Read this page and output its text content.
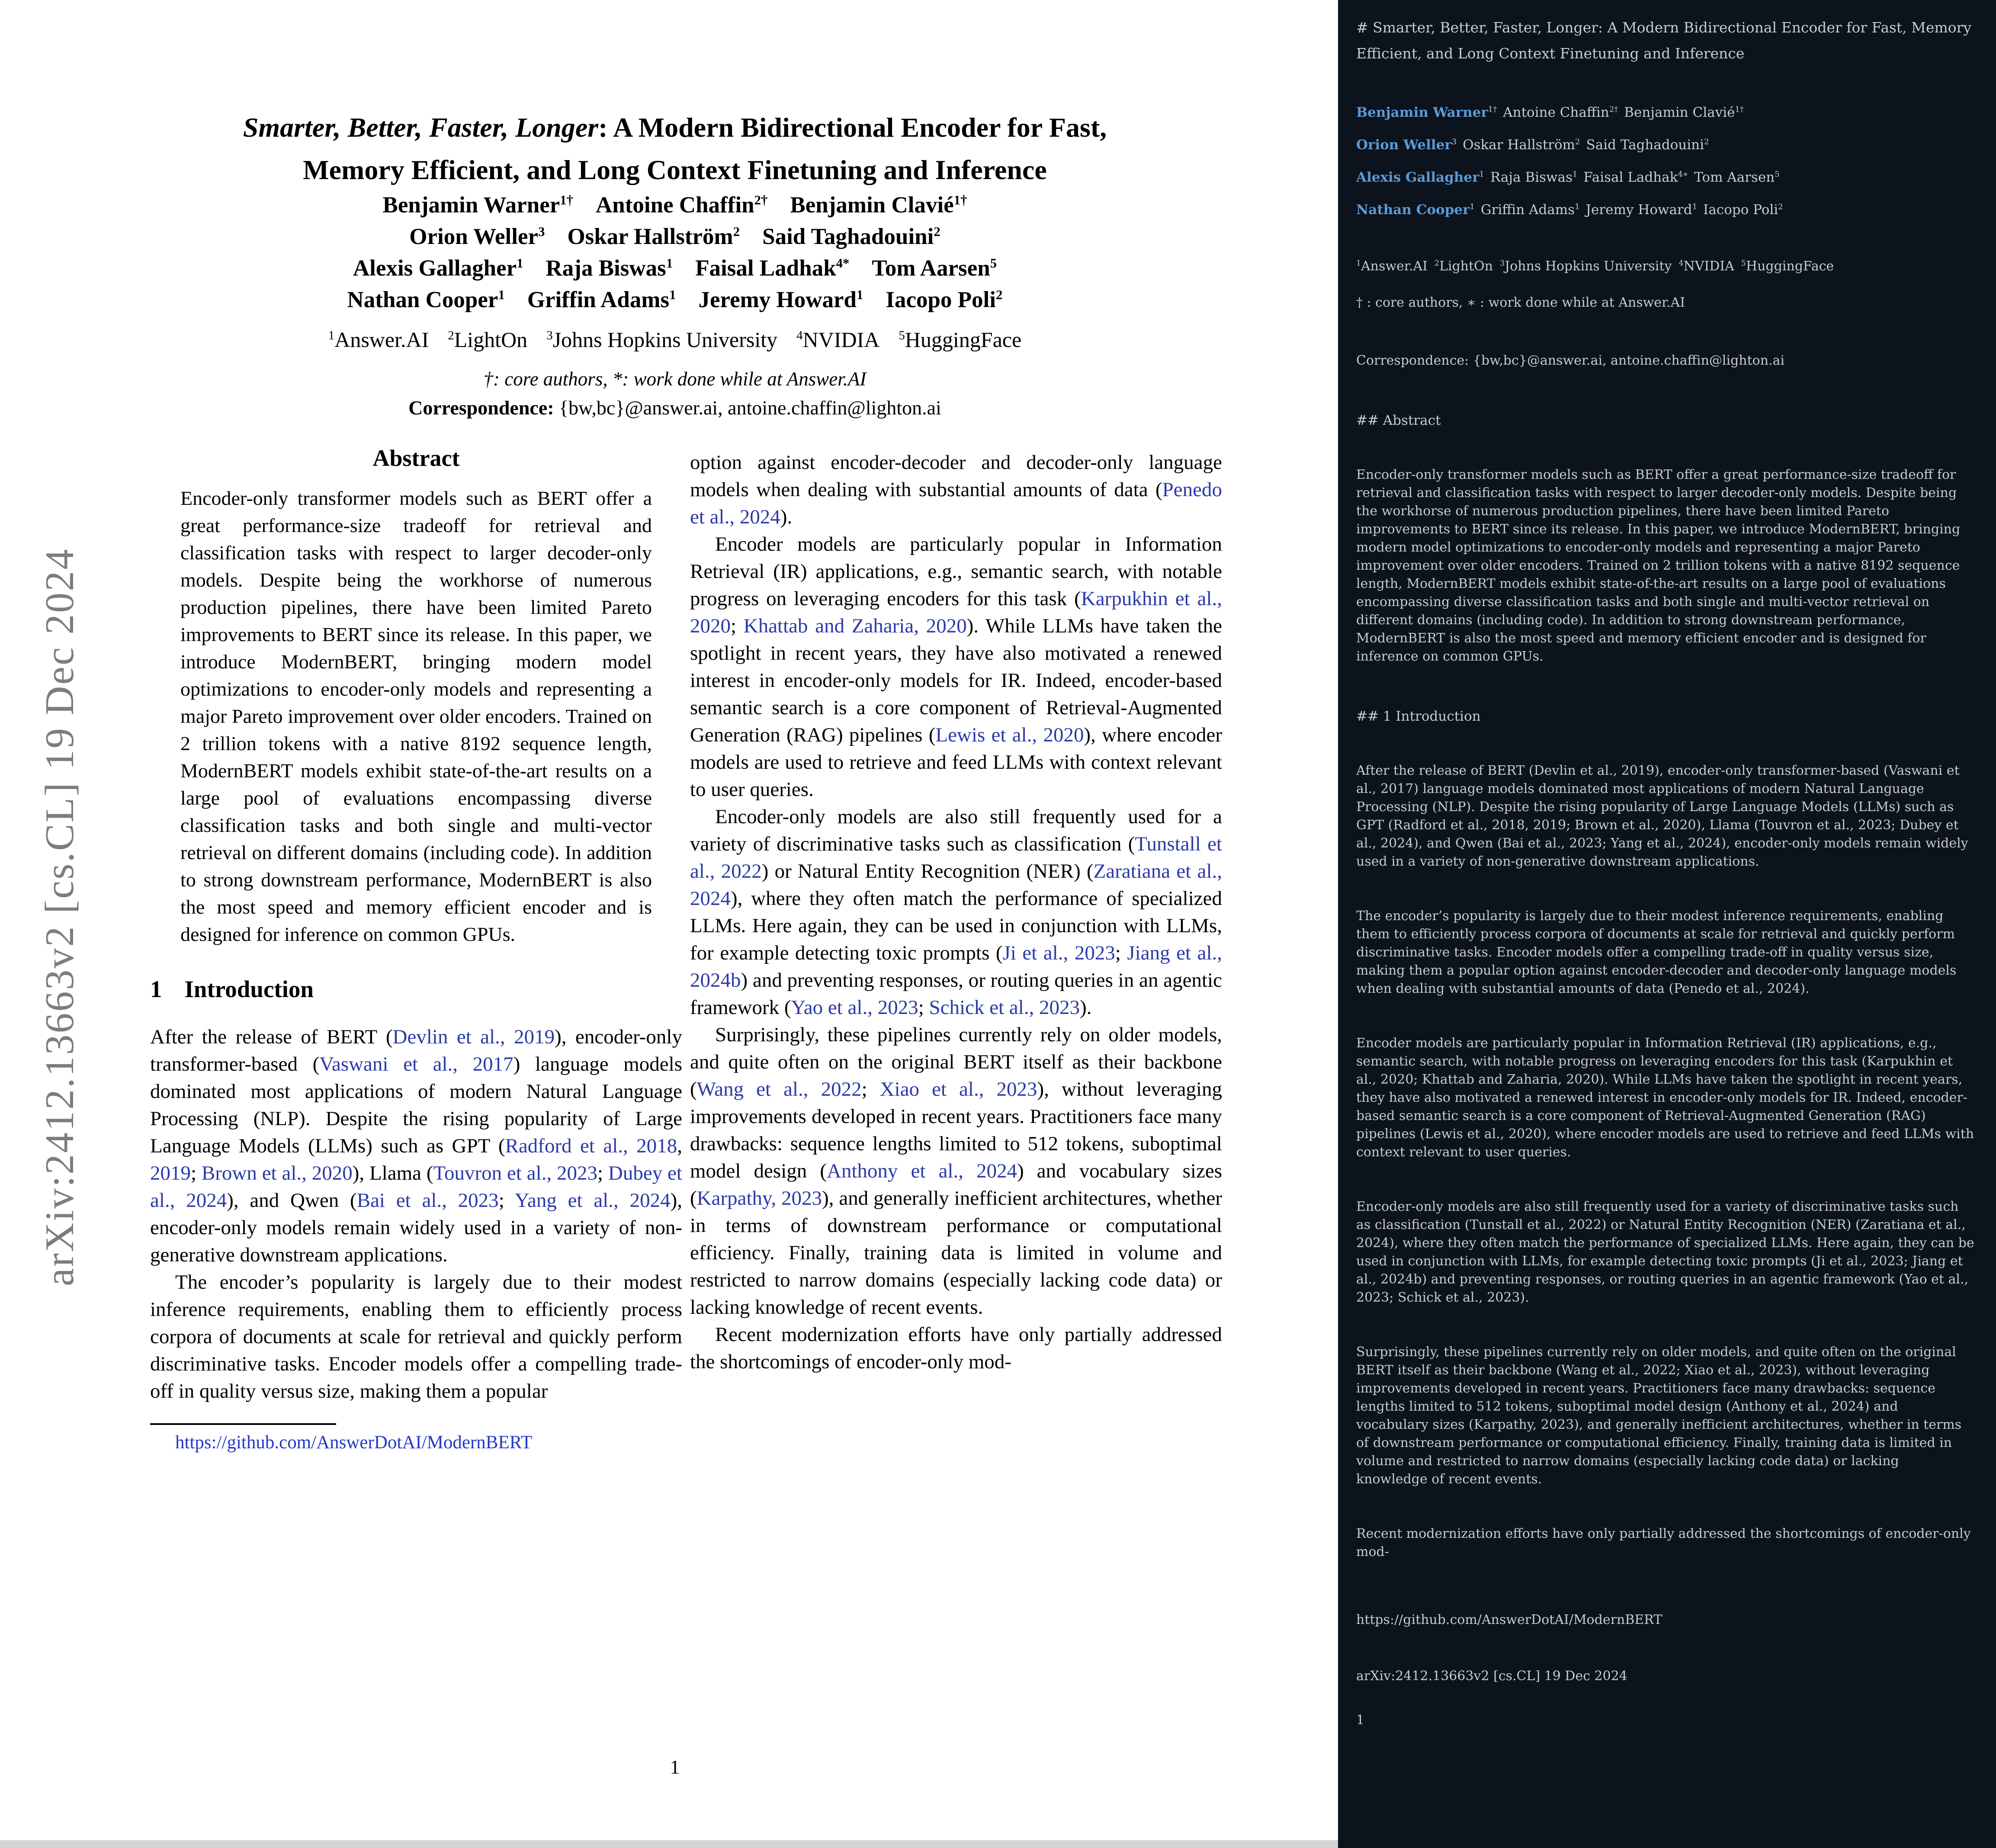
arXiv:2412.13663v2 [cs.CL] 19 Dec 2024
Smarter, Better, Faster, Longer: A Modern Bidirectional Encoder for Fast,
Memory Efficient, and Long Context Finetuning and Inference
Benjamin Warner$^{1\dagger}$ Antoine Chaffin$^{2\dagger}$ Benjamin Clavié$^{1\dagger}$
Orion Weller$^3$ Oskar Hallström$^2$ Said Taghadouini$^2$
Alexis Gallagher$^1$ Raja Biswas$^1$ Faisal Ladhak$^{4*}$ Tom Aarsen$^5$
Nathan Cooper$^1$ Griffin Adams$^1$ Jeremy Howard$^1$ Iacopo Poli$^2$
$^1$Answer.AI $^2$LightOn $^3$Johns Hopkins University $^4$NVIDIA $^5$HuggingFace
†: core authors, *: work done while at Answer.AI
Correspondence: {bw,bc}@answer.ai, antoine.chaffin@lighton.ai
Abstract
Encoder-only transformer models such as BERT offer a great performance-size tradeoff for retrieval and classification tasks with respect to larger decoder-only models. Despite being the workhorse of numerous production pipelines, there have been limited Pareto improvements to BERT since its release. In this paper, we introduce ModernBERT, bringing modern model optimizations to encoder-only models and representing a major Pareto improvement over older encoders. Trained on 2 trillion tokens with a native 8192 sequence length, ModernBERT models exhibit state-of-the-art results on a large pool of evaluations encompassing diverse classification tasks and both single and multi-vector retrieval on different domains (including code). In addition to strong downstream performance, ModernBERT is also the most speed and memory efficient encoder and is designed for inference on common GPUs.
1 Introduction

After the release of BERT (Devlin et al., 2019), encoder-only transformer-based (Vaswani et al., 2017) language models dominated most applications of modern Natural Language Processing (NLP). Despite the rising popularity of Large Language Models (LLMs) such as GPT (Radford et al., 2018, 2019; Brown et al., 2020), Llama (Touvron et al., 2023; Dubey et al., 2024), and Qwen (Bai et al., 2023; Yang et al., 2024), encoder-only models remain widely used in a variety of non-generative downstream applications.

The encoder’s popularity is largely due to their modest inference requirements, enabling them to efficiently process corpora of documents at scale for retrieval and quickly perform discriminative tasks. Encoder models offer a compelling trade-off in quality versus size, making them a popular

https://github.com/AnswerDotAI/ModernBERT

option against encoder-decoder and decoder-only language models when dealing with substantial amounts of data (Penedo et al., 2024).

Encoder models are particularly popular in Information Retrieval (IR) applications, e.g., semantic search, with notable progress on leveraging encoders for this task (Karpukhin et al., 2020; Khattab and Zaharia, 2020). While LLMs have taken the spotlight in recent years, they have also motivated a renewed interest in encoder-only models for IR. Indeed, encoder-based semantic search is a core component of Retrieval-Augmented Generation (RAG) pipelines (Lewis et al., 2020), where encoder models are used to retrieve and feed LLMs with context relevant to user queries.

Encoder-only models are also still frequently used for a variety of discriminative tasks such as classification (Tunstall et al., 2022) or Natural Entity Recognition (NER) (Zaratiana et al., 2024), where they often match the performance of specialized LLMs. Here again, they can be used in conjunction with LLMs, for example detecting toxic prompts (Ji et al., 2023; Jiang et al., 2024b) and preventing responses, or routing queries in an agentic framework (Yao et al., 2023; Schick et al., 2023).

Surprisingly, these pipelines currently rely on older models, and quite often on the original BERT itself as their backbone (Wang et al., 2022; Xiao et al., 2023), without leveraging improvements developed in recent years. Practitioners face many drawbacks: sequence lengths limited to 512 tokens, suboptimal model design (Anthony et al., 2024) and vocabulary sizes (Karpathy, 2023), and generally inefficient architectures, whether in terms of downstream performance or computational efficiency. Finally, training data is limited in volume and restricted to narrow domains (especially lacking code data) or lacking knowledge of recent events.

Recent modernization efforts have only partially addressed the shortcomings of encoder-only mod-

1
# Smarter, Better, Faster, Longer: A Modern Bidirectional Encoder for Fast, Memory Efficient, and Long Context Finetuning and Inference
Benjamin Warner$^{1\dagger}$ Antoine Chaffin$^{2\dagger}$ Benjamin Clavié$^{1\dagger}$
Orion Weller$^3$ Oskar Hallström$^2$ Said Taghadouini$^2$
Alexis Gallagher$^1$ Raja Biswas$^1$ Faisal Ladhak$^{4∗}$ Tom Aarsen$^5$
Nathan Cooper$^1$ Griffin Adams$^1$ Jeremy Howard$^1$ Iacopo Poli$^2$
$^1$Answer.AI $^2$LightOn $^3$Johns Hopkins University $^4$NVIDIA $^5$HuggingFace
† : core authors, ∗ : work done while at Answer.AI
Correspondence: {bw,bc}@answer.ai, antoine.chaffin@lighton.ai
## Abstract
Encoder-only transformer models such as BERT offer a great performance-size tradeoff for retrieval and classification tasks with respect to larger decoder-only models. Despite being the workhorse of numerous production pipelines, there have been limited Pareto improvements to BERT since its release. In this paper, we introduce ModernBERT, bringing modern model optimizations to encoder-only models and representing a major Pareto improvement over older encoders. Trained on 2 trillion tokens with a native 8192 sequence length, ModernBERT models exhibit state-of-the-art results on a large pool of evaluations encompassing diverse classification tasks and both single and multi-vector retrieval on different domains (including code). In addition to strong downstream performance, ModernBERT is also the most speed and memory efficient encoder and is designed for inference on common GPUs.
## 1 Introduction
After the release of BERT (Devlin et al., 2019), encoder-only transformer-based (Vaswani et al., 2017) language models dominated most applications of modern Natural Language Processing (NLP). Despite the rising popularity of Large Language Models (LLMs) such as GPT (Radford et al., 2018, 2019; Brown et al., 2020), Llama (Touvron et al., 2023; Dubey et al., 2024), and Qwen (Bai et al., 2023; Yang et al., 2024), encoder-only models remain widely used in a variety of non-generative downstream applications.
The encoder’s popularity is largely due to their modest inference requirements, enabling them to efficiently process corpora of documents at scale for retrieval and quickly perform discriminative tasks. Encoder models offer a compelling trade-off in quality versus size, making them a popular option against encoder-decoder and decoder-only language models when dealing with substantial amounts of data (Penedo et al., 2024).
Encoder models are particularly popular in Information Retrieval (IR) applications, e.g., semantic search, with notable progress on leveraging encoders for this task (Karpukhin et al., 2020; Khattab and Zaharia, 2020). While LLMs have taken the spotlight in recent years, they have also motivated a renewed interest in encoder-only models for IR. Indeed, encoder-based semantic search is a core component of Retrieval-Augmented Generation (RAG) pipelines (Lewis et al., 2020), where encoder models are used to retrieve and feed LLMs with context relevant to user queries.
Encoder-only models are also still frequently used for a variety of discriminative tasks such as classification (Tunstall et al., 2022) or Natural Entity Recognition (NER) (Zaratiana et al., 2024), where they often match the performance of specialized LLMs. Here again, they can be used in conjunction with LLMs, for example detecting toxic prompts (Ji et al., 2023; Jiang et al., 2024b) and preventing responses, or routing queries in an agentic framework (Yao et al., 2023; Schick et al., 2023).
Surprisingly, these pipelines currently rely on older models, and quite often on the original BERT itself as their backbone (Wang et al., 2022; Xiao et al., 2023), without leveraging improvements developed in recent years. Practitioners face many drawbacks: sequence lengths limited to 512 tokens, suboptimal model design (Anthony et al., 2024) and vocabulary sizes (Karpathy, 2023), and generally inefficient architectures, whether in terms of downstream performance or computational efficiency. Finally, training data is limited in volume and restricted to narrow domains (especially lacking code data) or lacking knowledge of recent events.
Recent modernization efforts have only partially addressed the shortcomings of encoder-only mod-
https://github.com/AnswerDotAI/ModernBERT
arXiv:2412.13663v2 [cs.CL] 19 Dec 2024
1
